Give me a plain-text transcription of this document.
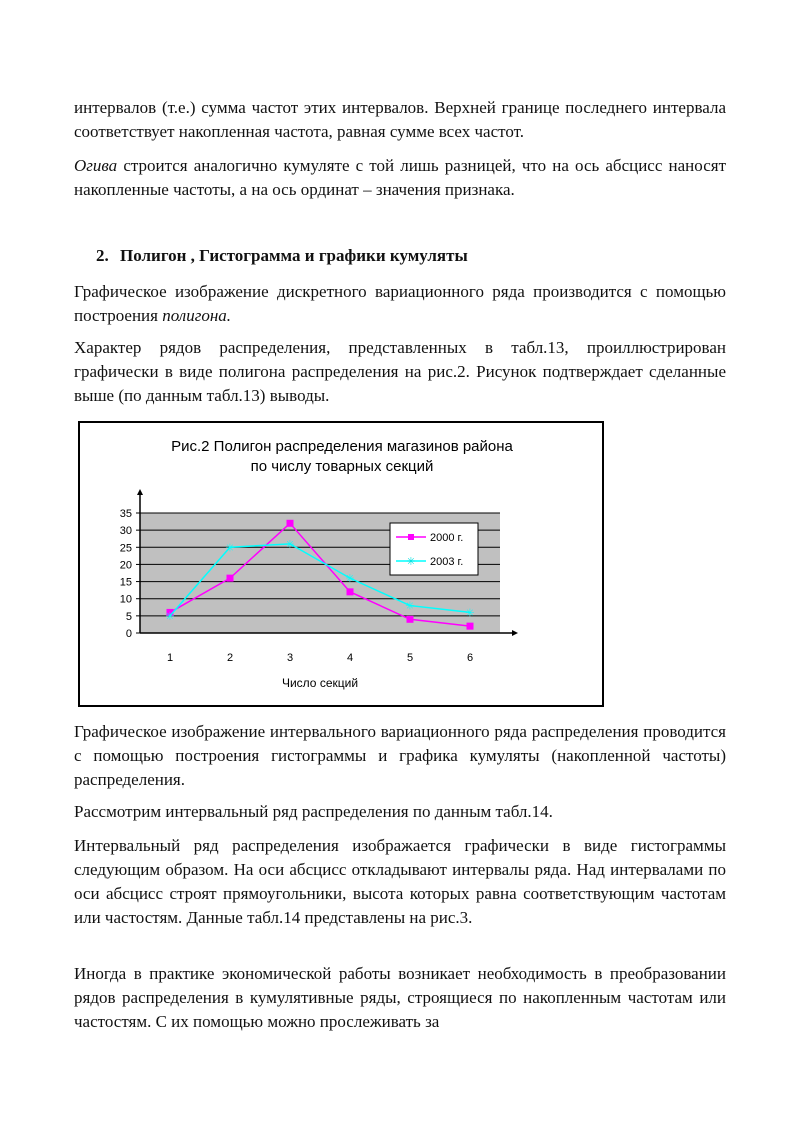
интервалов (т.е.) сумма частот этих интервалов. Верхней границе последнего интервала соответствует накопленная частота, равная сумме всех частот.

Огива строится аналогично кумуляте с той лишь разницей, что на ось абсцисс наносят накопленные частоты, а на ось ординат – значения признака.

2. Полигон , Гистограмма и графики кумуляты

Графическое изображение дискретного вариационного ряда производится с помощью построения полигона.

Характер рядов распределения, представленных в табл.13, проиллюстрирован графически в виде полигона распределения на рис.2. Рисунок подтверждает сделанные выше (по данным табл.13) выводы.

Рис.2 Полигон распределения магазинов района
по числу товарных секций
0
5
10
15
20
25
30
35
1	2	3	4	5	6
✳
✳	✳
✳
✳
✳
2000 г.
✳ 2003 г.
Число секций

Графическое изображение интервального вариационного ряда распределения проводится с помощью построения гистограммы и графика кумуляты (накопленной частоты) распределения.

Рассмотрим интервальный ряд распределения по данным табл.14.

Интервальный ряд распределения изображается графически в виде гистограммы следующим образом. На оси абсцисс откладывают интервалы ряда. Над интервалами по оси абсцисс строят прямоугольники, высота которых равна соответствующим частотам или частостям. Данные табл.14 представлены на рис.3.

Иногда в практике экономической работы возникает необходимость в преобразовании рядов распределения в кумулятивные ряды, строящиеся по накопленным частотам или частостям. С их помощью можно прослеживать за
